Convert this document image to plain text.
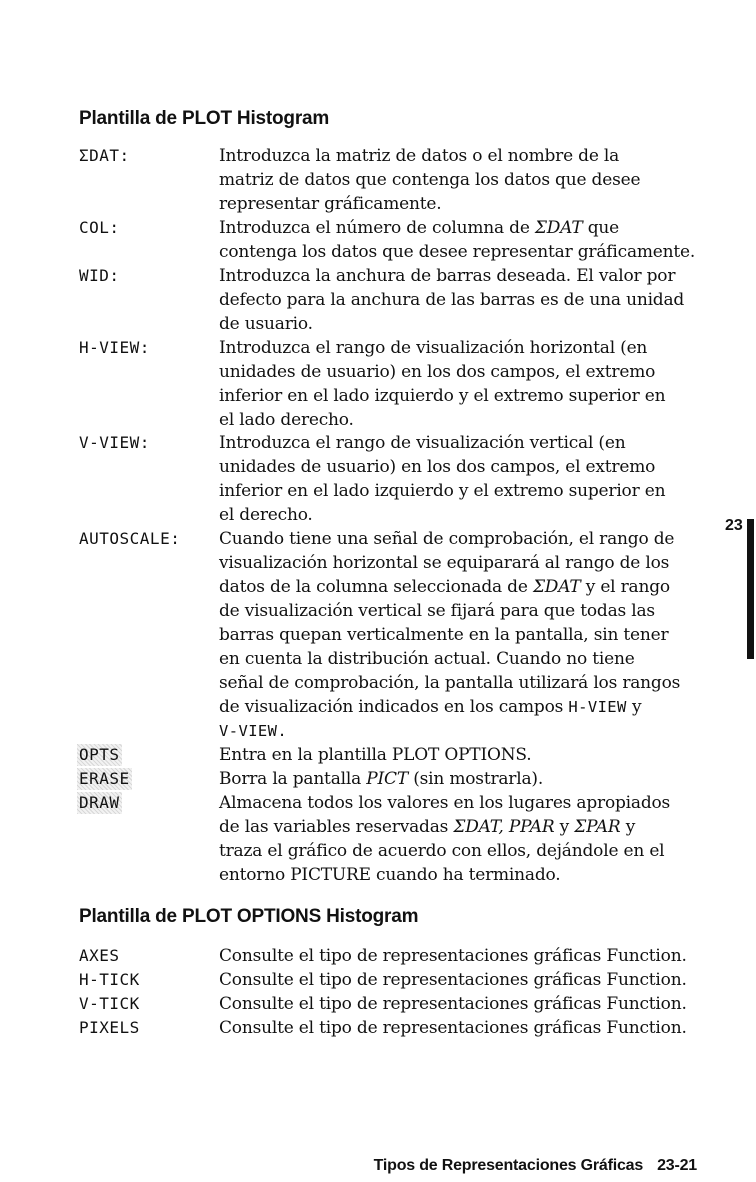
Plantilla de PLOT Histogram
ΣDAT:	Introduzca la matriz de datos o el nombre de la
matriz de datos que contenga los datos que desee
representar gráficamente.
COL:	Introduzca el número de columna de ΣDAT que
contenga los datos que desee representar gráficamente.
WID:	Introduzca la anchura de barras deseada. El valor por
defecto para la anchura de las barras es de una unidad
de usuario.
H-VIEW:	Introduzca el rango de visualización horizontal (en
unidades de usuario) en los dos campos, el extremo
inferior en el lado izquierdo y el extremo superior en
el lado derecho.
V-VIEW:	Introduzca el rango de visualización vertical (en
unidades de usuario) en los dos campos, el extremo
inferior en el lado izquierdo y el extremo superior en
el derecho.
AUTOSCALE: Cuando tiene una señal de comprobación, el rango de
visualización horizontal se equiparará al rango de los
datos de la columna seleccionada de ΣDAT y el rango
de visualización vertical se fijará para que todas las
barras quepan verticalmente en la pantalla, sin tener
en cuenta la distribución actual. Cuando no tiene
señal de comprobación, la pantalla utilizará los rangos
de visualización indicados en los campos H-VIEW y
V-VIEW.
OPTS	Entra en la plantilla PLOT OPTIONS.
ERASE	Borra la pantalla PICT (sin mostrarla).
DRAW	Almacena todos los valores en los lugares apropiados
de las variables reservadas ΣDAT, PPAR y ΣPAR y
traza el gráfico de acuerdo con ellos, dejándole en el
entorno PICTURE cuando ha terminado.
Plantilla de PLOT OPTIONS Histogram
AXES	Consulte el tipo de representaciones gráficas Function.
H-TICK	Consulte el tipo de representaciones gráficas Function.
V-TICK	Consulte el tipo de representaciones gráficas Function.
PIXELS	Consulte el tipo de representaciones gráficas Function.
23
Tipos de Representaciones Gráficas 23-21
